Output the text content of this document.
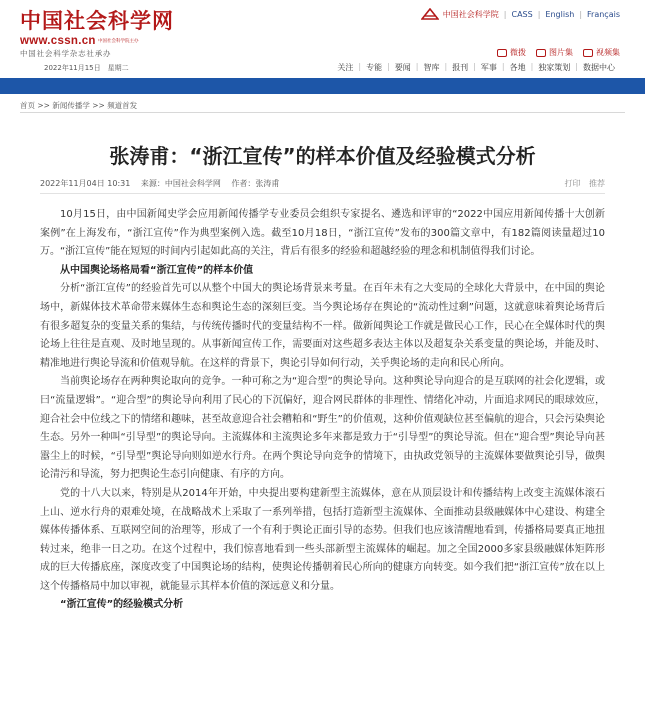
中国社会科学网
www.cssn.cn 中国社会科学院主办
中国社会科学杂志社承办
2022年11月15日　星期二
中国社会科学院 | CASS | English | Français
微拨	图片集	视频集
关注 | 专能 | 要闻 | 智库 | 报刊 | 军事 | 各地 | 独家策划 | 数据中心
首页 >> 新闻传播学 >> 频道首发
张涛甫：“浙江宣传”的样本价值及经验模式分析
2022年11月04日 10:31 来源：中国社会科学网 作者：张涛甫	打印 推荐

10月15日，由中国新闻史学会应用新闻传播学专业委员会组织专家提名、遴选和评审的“2022中国应用新闻传播十大创新案例”在上海发布，“浙江宣传”作为典型案例入选。截至10月18日，“浙江宣传”发布的300篇文章中，有182篇阅读量超过10万。“浙江宣传”能在短短的时间内引起如此高的关注，背后有很多的经验和超越经验的理念和机制值得我们讨论。

从中国舆论场格局看“浙江宣传”的样本价值

分析“浙江宣传”的经验首先可以从整个中国大的舆论场背景来考量。在百年未有之大变局的全球化大背景中，在中国的舆论场中，新媒体技术革命带来媒体生态和舆论生态的深刻巨变。当今舆论场存在舆论的“流动性过剩”问题，这就意味着舆论场背后有很多超复杂的变量关系的集结，与传统传播时代的变量结构不一样。做新闻舆论工作就是做民心工作，民心在全媒体时代的舆论场上往往是直观、及时地呈现的。从事新闻宣传工作，需要面对这些超多表达主体以及超复杂关系变量的舆论场，并能及时、精准地进行舆论导流和价值观导航。在这样的背景下，舆论引导如何行动，关乎舆论场的走向和民心所向。

当前舆论场存在两种舆论取向的竞争。一种可称之为“迎合型”的舆论导向。这种舆论导向迎合的是互联网的社会化逻辑，或曰“流量逻辑”。“迎合型”的舆论导向利用了民心的下沉偏好，迎合网民群体的非理性、情绪化冲动，片面追求网民的眼球效应，迎合社会中位线之下的情绪和趣味，甚至故意迎合社会糟粕和“野生”的价值观，这种价值观缺位甚至偏航的迎合，只会污染舆论生态。另外一种叫“引导型”的舆论导向。主流媒体和主流舆论多年来都是致力于“引导型”的舆论导流。但在“迎合型”舆论导向甚嚣尘上的时候，“引导型”舆论导向则如逆水行舟。在两个舆论导向竞争的情境下，由执政党领导的主流媒体要做舆论引导，做舆论清污和导流，努力把舆论生态引向健康、有序的方向。

党的十八大以来，特别是从2014年开始，中央提出要构建新型主流媒体，意在从顶层设计和传播结构上改变主流媒体滚石上山、逆水行舟的艰难处境，在战略战术上采取了一系列举措，包括打造新型主流媒体、全面推动县级融媒体中心建设、构建全媒体传播体系、互联网空间的治理等，形成了一个有利于舆论正面引导的态势。但我们也应该清醒地看到，传播格局要真正地扭转过来，绝非一日之功。在这个过程中，我们惊喜地看到一些头部新型主流媒体的崛起。加之全国2000多家县级融媒体矩阵形成的巨大传播底座，深度改变了中国舆论场的结构，使舆论传播朝着民心所向的健康方向转变。如今我们把“浙江宣传”放在以上这个传播格局中加以审视，就能显示其样本价值的深远意义和分量。

“浙江宣传”的经验模式分析
